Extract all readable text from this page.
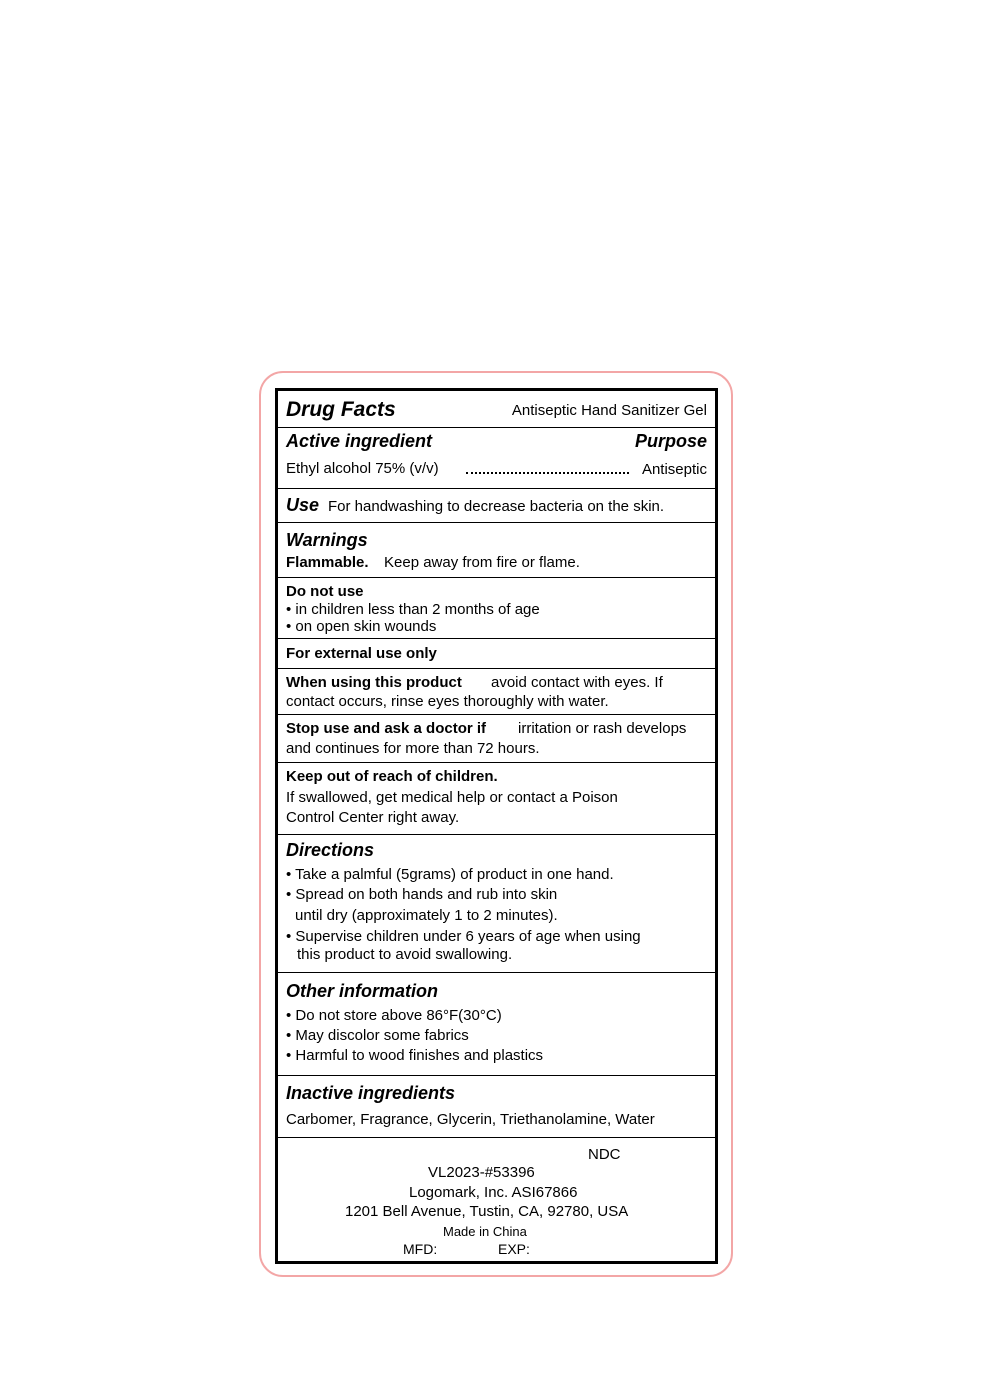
Drug Facts	Antiseptic Hand Sanitizer Gel
Active ingredient	Purpose
Ethyl alcohol 75% (v/v)	Antiseptic
Use For handwashing to decrease bacteria on the skin.
Warnings
Flammable. Keep away from fire or flame.
Do not use
• in children less than 2 months of age
• on open skin wounds
For external use only
When using this product avoid contact with eyes. If
contact occurs, rinse eyes thoroughly with water.
Stop use and ask a doctor if irritation or rash develops
and continues for more than 72 hours.
Keep out of reach of children.
If swallowed, get medical help or contact a Poison
Control Center right away.
Directions
• Take a palmful (5grams) of product in one hand.
• Spread on both hands and rub into skin
until dry (approximately 1 to 2 minutes).
• Supervise children under 6 years of age when using
this product to avoid swallowing.
Other information
• Do not store above 86°F(30°C)
• May discolor some fabrics
• Harmful to wood finishes and plastics
Inactive ingredients
Carbomer, Fragrance, Glycerin, Triethanolamine, Water
NDC
VL2023-#53396
Logomark, Inc. ASI67866
1201 Bell Avenue, Tustin, CA, 92780, USA
Made in China
MFD:	EXP:
